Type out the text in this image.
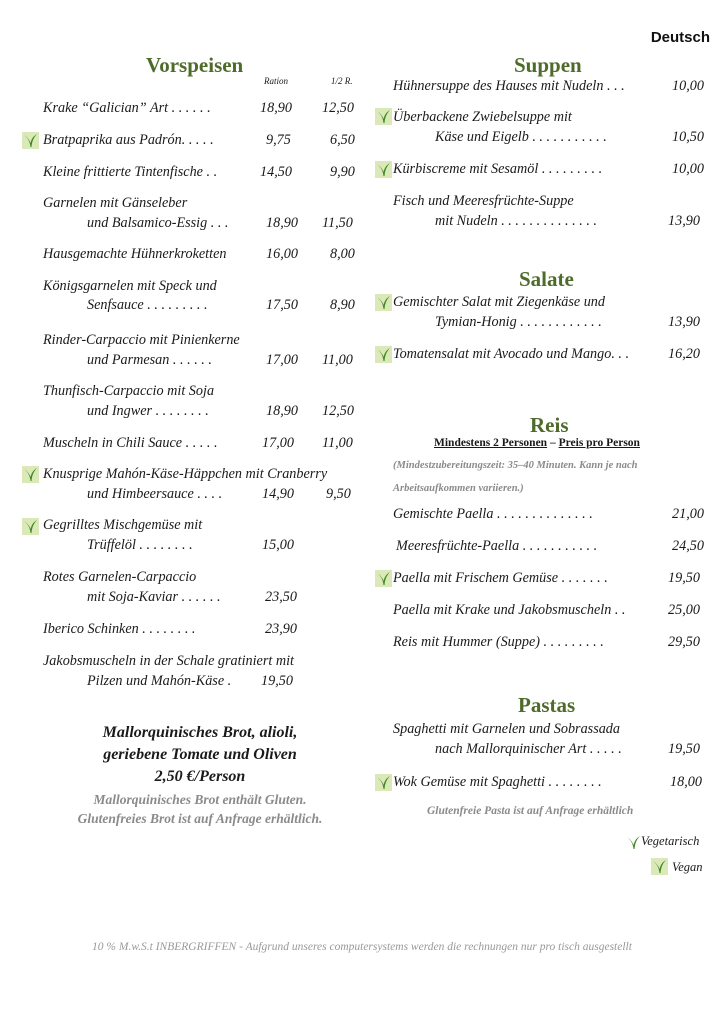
Deutsch
Vorspeisen
Ration	1/2 R.
Krake “Galician” Art . . . . . .	18,90 12,50
Bratpaprika aus Padrón. . . . .	9,75	6,50
Kleine frittierte Tintenfische . .	14,50	9,90
Garnelen mit Gänseleber
und Balsamico-Essig . . .	18,90 11,50
Hausgemachte Hühnerkroketten	16,00 8,00
Königsgarnelen mit Speck und
Senfsauce . . . . . . . . .	17,50 8,90
Rinder-Carpaccio mit Pinienkerne
und Parmesan . . . . . .	17,00 11,00
Thunfisch-Carpaccio mit Soja
und Ingwer . . . . . . . .	18,90 12,50
Muscheln in Chili Sauce . . . . .	17,00 11,00
Knusprige Mahón-Käse-Häppchen mit Cranberry
und Himbeersauce . . . .	14,90 9,50
Gegrilltes Mischgemüse mit
Trüffelöl . . . . . . . .	15,00
Rotes Garnelen-Carpaccio
mit Soja-Kaviar . . . . . .	23,50
Iberico Schinken . . . . . . . .	23,90
Jakobsmuscheln in der Schale gratiniert mit
Pilzen und Mahón-Käse . 19,50
Mallorquinisches Brot, alioli,
geriebene Tomate und Oliven
2,50 €/Person
Mallorquinisches Brot enthält Gluten.
Glutenfreies Brot ist auf Anfrage erhältlich.
Suppen
Hühnersuppe des Hauses mit Nudeln . . .	10,00
Überbackene Zwiebelsuppe mit
Käse und Eigelb . . . . . . . . . . .	10,50
Kürbiscreme mit Sesamöl . . . . . . . . .	10,00
Fisch und Meeresfrüchte-Suppe
mit Nudeln . . . . . . . . . . . . . .	13,90
Salate
Gemischter Salat mit Ziegenkäse und
Tymian-Honig . . . . . . . . . . . .	13,90
Tomatensalat mit Avocado und Mango. . .	16,20
Reis
Mindestens 2 Personen – Preis pro Person
(Mindestzubereitungszeit: 35–40 Minuten. Kann je nach
Arbeitsaufkommen variieren.)
Gemischte Paella . . . . . . . . . . . . . .	21,00
Meeresfrüchte-Paella . . . . . . . . . . .	24,50
Paella mit Frischem Gemüse . . . . . . .	19,50
Paella mit Krake und Jakobsmuscheln . .	25,00
Reis mit Hummer (Suppe) . . . . . . . . .	29,50
Pastas
Spaghetti mit Garnelen und Sobrassada
nach Mallorquinischer Art . . . . .	19,50
Wok Gemüse mit Spaghetti . . . . . . . .	18,00
Glutenfreie Pasta ist auf Anfrage erhältlich
Vegetarisch
Vegan
10 % M.w.S.t INBERGRIFFEN - Aufgrund unseres computersystems werden die rechnungen nur pro tisch ausgestellt
